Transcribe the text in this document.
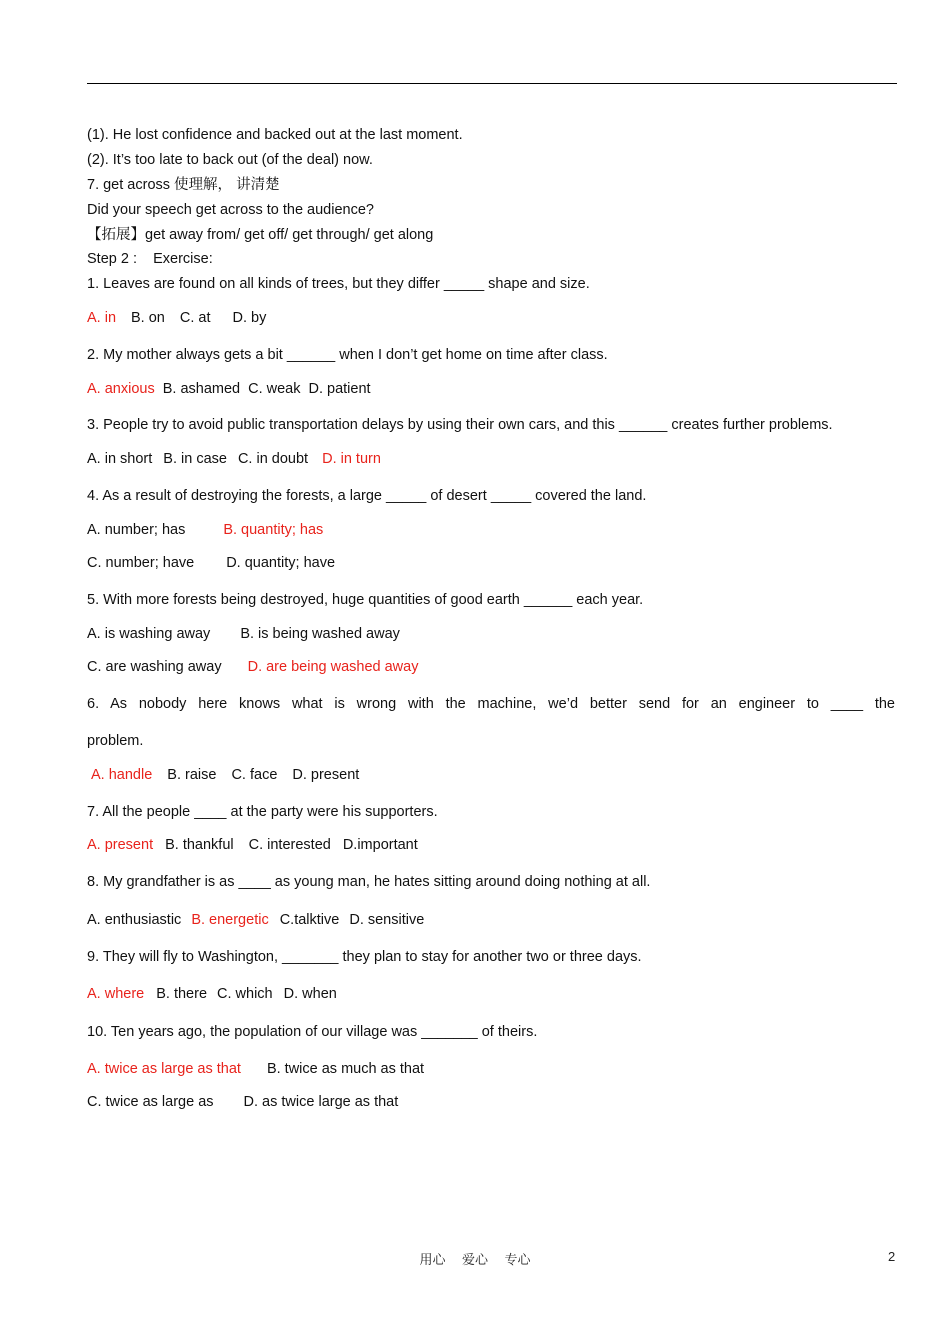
(1). He lost confidence and backed out at the last moment.
(2). It’s too late to back out (of the deal) now.
7. get across 使理解， 讲清楚
Did your speech get across to the audience?
【拓展】get away from/ get off/ get through/ get along
Step 2 :    Exercise:
1. Leaves are found on all kinds of trees, but they differ _____ shape and size.
A. in B. on C. at D. by
2. My mother always gets a bit ______ when I don’t get home on time after class.
A. anxious B. ashamed C. weak D. patient
3. People try to avoid public transportation delays by using their own cars, and this ______ creates further problems.
A. in short B. in case C. in doubt D. in turn
4. As a result of destroying the forests, a large _____ of desert _____ covered the land.
A. number; has	B. quantity; has
C. number; have D. quantity; have
5. With more forests being destroyed, huge quantities of good earth ______ each year.
A. is washing away B. is being washed away
C. are washing away D. are being washed away
6. As nobody here knows what is wrong with the machine, we’d better send for an engineer to ____ the
problem.
A. handle B. raise C. face D. present
7. All the people ____ at the party were his supporters.
A. present B. thankful C. interested D.important
8. My grandfather is as ____ as young man, he hates sitting around doing nothing at all.
A. enthusiastic B. energetic C.talktive D. sensitive
9. They will fly to Washington, _______ they plan to stay for another two or three days.
A. where B. there C. which D. when
10. Ten years ago, the population of our village was _______ of theirs.
A. twice as large as that B. twice as much as that
C. twice as large as D. as twice large as that
用心    爱心    专心	2
